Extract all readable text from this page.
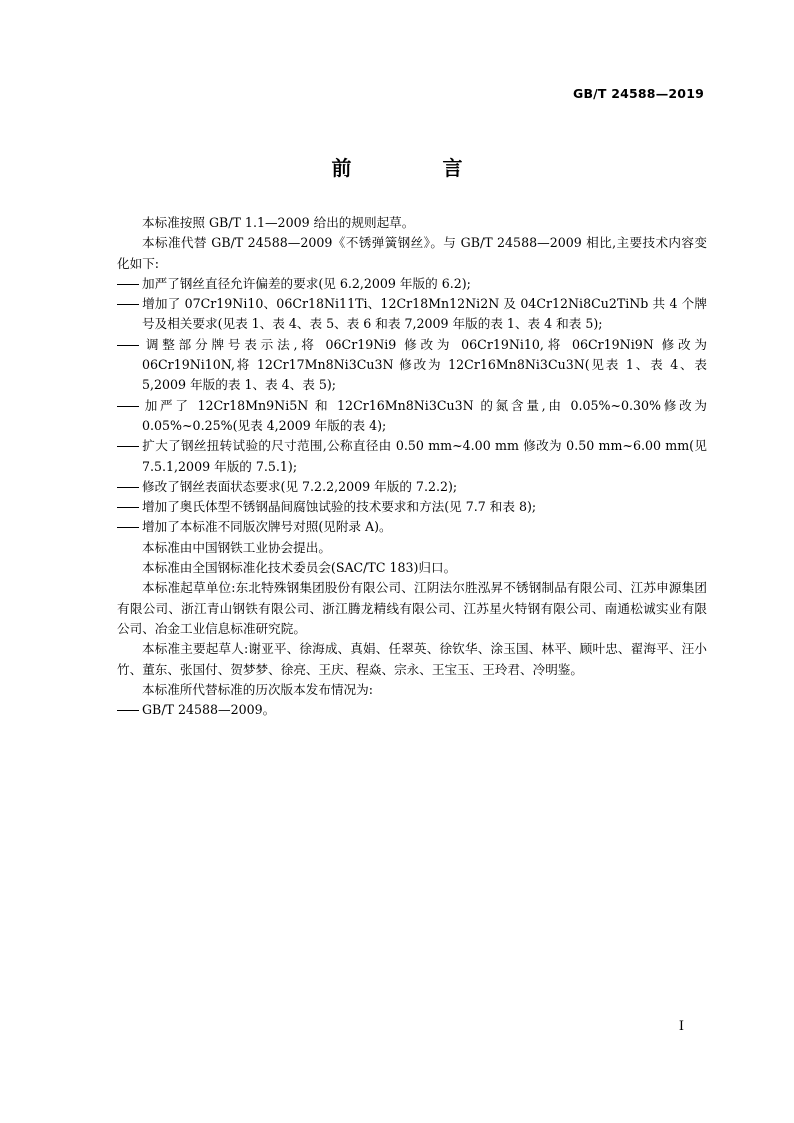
GB/T 24588—2019
前 言
本标准按照 GB/T 1.1—2009 给出的规则起草。
本标准代替 GB/T 24588—2009《不锈弹簧钢丝》。与 GB/T 24588—2009 相比,主要技术内容变化如下:
加严了钢丝直径允许偏差的要求(见 6.2,2009 年版的 6.2);
增加了 07Cr19Ni10、06Cr18Ni11Ti、12Cr18Mn12Ni2N 及 04Cr12Ni8Cu2TiNb 共 4 个牌号及相关要求(见表 1、表 4、表 5、表 6 和表 7,2009 年版的表 1、表 4 和表 5);
调整部分牌号表示法,将 06Cr19Ni9 修改为 06Cr19Ni10,将 06Cr19Ni9N 修改为 06Cr19Ni10N,将 12Cr17Mn8Ni3Cu3N 修改为 12Cr16Mn8Ni3Cu3N(见表 1、表 4、表 5,2009 年版的表 1、表 4、表 5);
加严了 12Cr18Mn9Ni5N 和 12Cr16Mn8Ni3Cu3N 的氮含量,由 0.05%~0.30%修改为 0.05%~0.25%(见表 4,2009 年版的表 4);
扩大了钢丝扭转试验的尺寸范围,公称直径由 0.50 mm~4.00 mm 修改为 0.50 mm~6.00 mm(见 7.5.1,2009 年版的 7.5.1);
修改了钢丝表面状态要求(见 7.2.2,2009 年版的 7.2.2);
增加了奥氏体型不锈钢晶间腐蚀试验的技术要求和方法(见 7.7 和表 8);
增加了本标准不同版次牌号对照(见附录 A)。
本标准由中国钢铁工业协会提出。
本标准由全国钢标准化技术委员会(SAC/TC 183)归口。
本标准起草单位:东北特殊钢集团股份有限公司、江阴法尔胜泓昇不锈钢制品有限公司、江苏申源集团有限公司、浙江青山钢铁有限公司、浙江腾龙精线有限公司、江苏星火特钢有限公司、南通松诚实业有限公司、冶金工业信息标准研究院。
本标准主要起草人:谢亚平、徐海成、真娟、任翠英、徐钦华、涂玉国、林平、顾叶忠、翟海平、汪小竹、董东、张国付、贺梦梦、徐亮、王庆、程焱、宗永、王宝玉、王玲君、冷明鉴。
本标准所代替标准的历次版本发布情况为:
GB/T 24588—2009。
I
